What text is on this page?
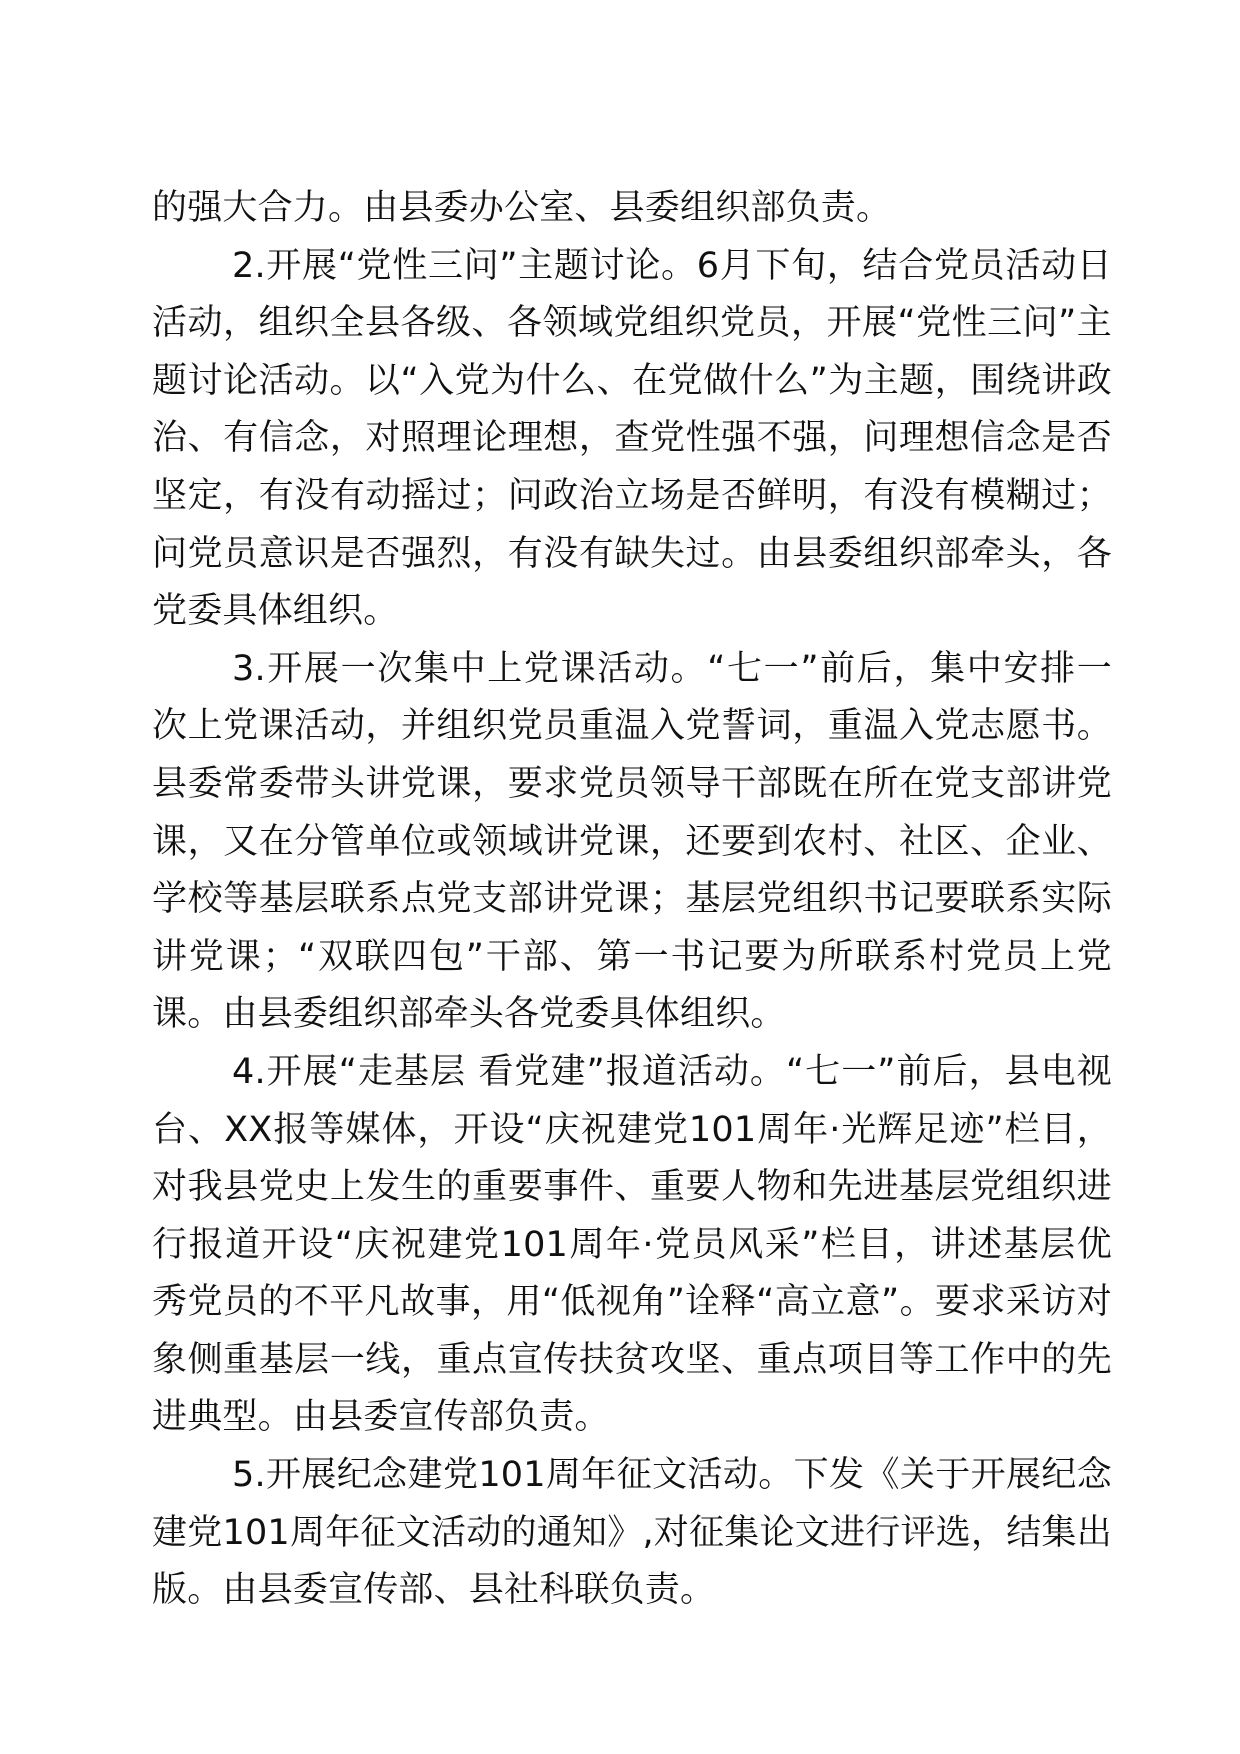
的强大合力。由县委办公室、县委组织部负责。

2.开展“党性三问”主题讨论。6月下旬，结合党员活动日活动，组织全县各级、各领域党组织党员，开展“党性三问”主题讨论活动。以“入党为什么、在党做什么”为主题，围绕讲政治、有信念，对照理论理想，查党性强不强，问理想信念是否坚定，有没有动摇过；问政治立场是否鲜明，有没有模糊过；问党员意识是否强烈，有没有缺失过。由县委组织部牵头，各党委具体组织。

3.开展一次集中上党课活动。“七一”前后，集中安排一次上党课活动，并组织党员重温入党誓词，重温入党志愿书。县委常委带头讲党课，要求党员领导干部既在所在党支部讲党课，又在分管单位或领域讲党课，还要到农村、社区、企业、学校等基层联系点党支部讲党课；基层党组织书记要联系实际讲党课；“双联四包”干部、第一书记要为所联系村党员上党课。由县委组织部牵头各党委具体组织。

4.开展“走基层 看党建”报道活动。“七一”前后，县电视台、XX报等媒体，开设“庆祝建党101周年·光辉足迹”栏目，对我县党史上发生的重要事件、重要人物和先进基层党组织进行报道开设“庆祝建党101周年·党员风采”栏目，讲述基层优秀党员的不平凡故事，用“低视角”诠释“高立意”。要求采访对象侧重基层一线，重点宣传扶贫攻坚、重点项目等工作中的先进典型。由县委宣传部负责。

5.开展纪念建党101周年征文活动。下发《关于开展纪念建党101周年征文活动的通知》,对征集论文进行评选，结集出版。由县委宣传部、县社科联负责。
